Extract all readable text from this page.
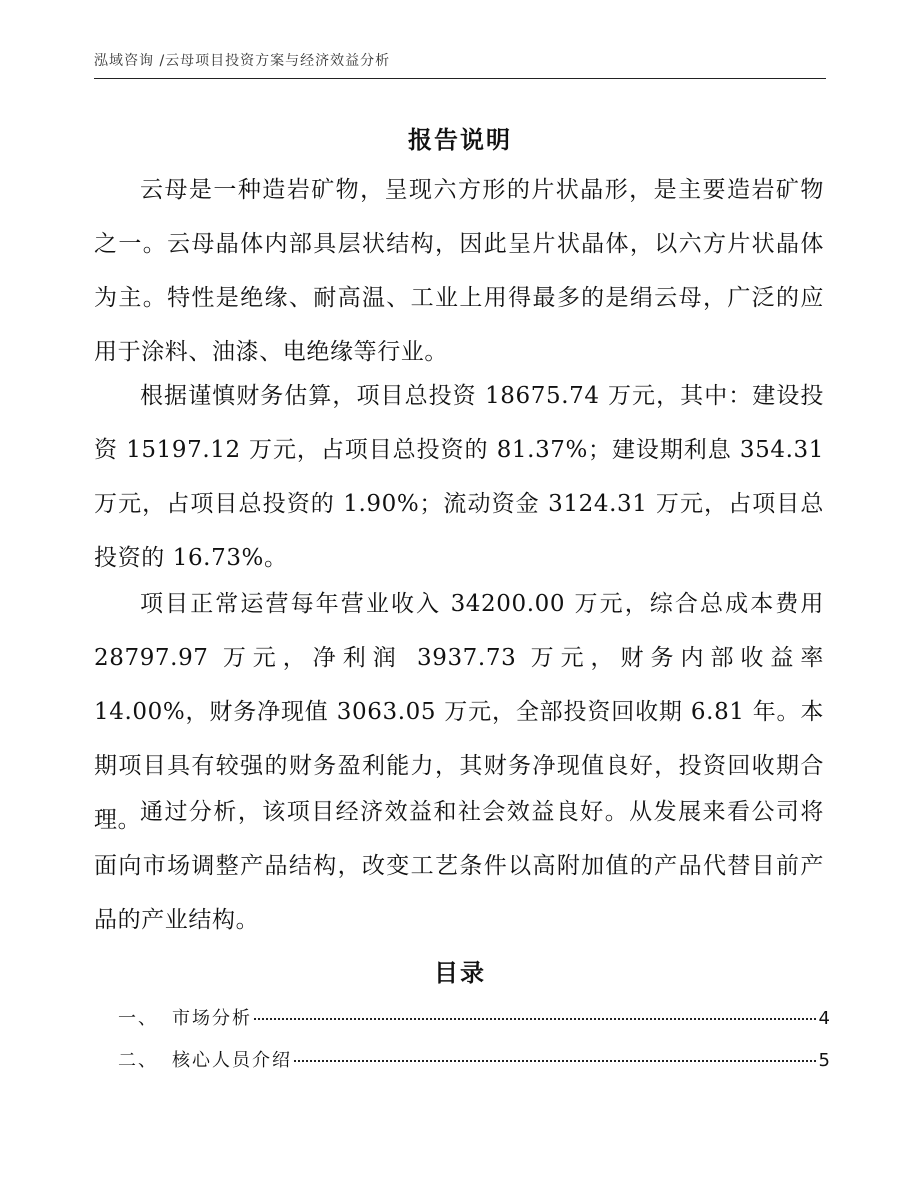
泓域咨询 /云母项目投资方案与经济效益分析
报告说明

云母是一种造岩矿物，呈现六方形的片状晶形，是主要造岩矿物之一。云母晶体内部具层状结构，因此呈片状晶体，以六方片状晶体为主。特性是绝缘、耐高温、工业上用得最多的是绢云母，广泛的应用于涂料、油漆、电绝缘等行业。

根据谨慎财务估算，项目总投资 18675.74 万元，其中：建设投资 15197.12 万元，占项目总投资的 81.37%；建设期利息 354.31 万元，占项目总投资的 1.90%；流动资金 3124.31 万元，占项目总投资的 16.73%。

项目正常运营每年营业收入 34200.00 万元，综合总成本费用 28797.97 万元，净利润 3937.73 万元，财务内部收益率 14.00%，财务净现值 3063.05 万元，全部投资回收期 6.81 年。本期项目具有较强的财务盈利能力，其财务净现值良好，投资回收期合理。

通过分析，该项目经济效益和社会效益良好。从发展来看公司将面向市场调整产品结构，改变工艺条件以高附加值的产品代替目前产品的产业结构。

目录
一、 市场分析	4
二、 核心人员介绍	5
